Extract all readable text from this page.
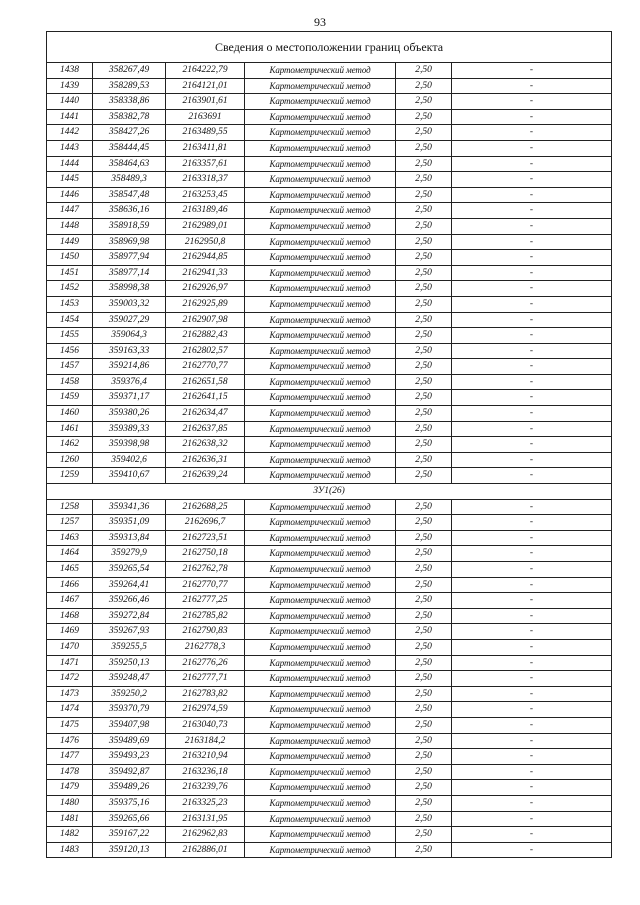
93
Сведения о местоположении границ объекта					
1438	358267,49	2164222,79	Картометрический метод	2,50	-
1439	358289,53	2164121,01	Картометрический метод	2,50	-
1440	358338,86	2163901,61	Картометрический метод	2,50	-
1441	358382,78	2163691	Картометрический метод	2,50	-
1442	358427,26	2163489,55	Картометрический метод	2,50	-
1443	358444,45	2163411,81	Картометрический метод	2,50	-
1444	358464,63	2163357,61	Картометрический метод	2,50	-
1445	358489,3	2163318,37	Картометрический метод	2,50	-
1446	358547,48	2163253,45	Картометрический метод	2,50	-
1447	358636,16	2163189,46	Картометрический метод	2,50	-
1448	358918,59	2162989,01	Картометрический метод	2,50	-
1449	358969,98	2162950,8	Картометрический метод	2,50	-
1450	358977,94	2162944,85	Картометрический метод	2,50	-
1451	358977,14	2162941,33	Картометрический метод	2,50	-
1452	358998,38	2162926,97	Картометрический метод	2,50	-
1453	359003,32	2162925,89	Картометрический метод	2,50	-
1454	359027,29	2162907,98	Картометрический метод	2,50	-
1455	359064,3	2162882,43	Картометрический метод	2,50	-
1456	359163,33	2162802,57	Картометрический метод	2,50	-
1457	359214,86	2162770,77	Картометрический метод	2,50	-
1458	359376,4	2162651,58	Картометрический метод	2,50	-
1459	359371,17	2162641,15	Картометрический метод	2,50	-
1460	359380,26	2162634,47	Картометрический метод	2,50	-
1461	359389,33	2162637,85	Картометрический метод	2,50	-
1462	359398,98	2162638,32	Картометрический метод	2,50	-
1260	359402,6	2162636,31	Картометрический метод	2,50	-
1259	359410,67	2162639,24	Картометрический метод	2,50	-
ЗУ1(26)					
1258	359341,36	2162688,25	Картометрический метод	2,50	-
1257	359351,09	2162696,7	Картометрический метод	2,50	-
1463	359313,84	2162723,51	Картометрический метод	2,50	-
1464	359279,9	2162750,18	Картометрический метод	2,50	-
1465	359265,54	2162762,78	Картометрический метод	2,50	-
1466	359264,41	2162770,77	Картометрический метод	2,50	-
1467	359266,46	2162777,25	Картометрический метод	2,50	-
1468	359272,84	2162785,82	Картометрический метод	2,50	-
1469	359267,93	2162790,83	Картометрический метод	2,50	-
1470	359255,5	2162778,3	Картометрический метод	2,50	-
1471	359250,13	2162776,26	Картометрический метод	2,50	-
1472	359248,47	2162777,71	Картометрический метод	2,50	-
1473	359250,2	2162783,82	Картометрический метод	2,50	-
1474	359370,79	2162974,59	Картометрический метод	2,50	-
1475	359407,98	2163040,73	Картометрический метод	2,50	-
1476	359489,69	2163184,2	Картометрический метод	2,50	-
1477	359493,23	2163210,94	Картометрический метод	2,50	-
1478	359492,87	2163236,18	Картометрический метод	2,50	-
1479	359489,26	2163239,76	Картометрический метод	2,50	-
1480	359375,16	2163325,23	Картометрический метод	2,50	-
1481	359265,66	2163131,95	Картометрический метод	2,50	-
1482	359167,22	2162962,83	Картометрический метод	2,50	-
1483	359120,13	2162886,01	Картометрический метод	2,50	-
